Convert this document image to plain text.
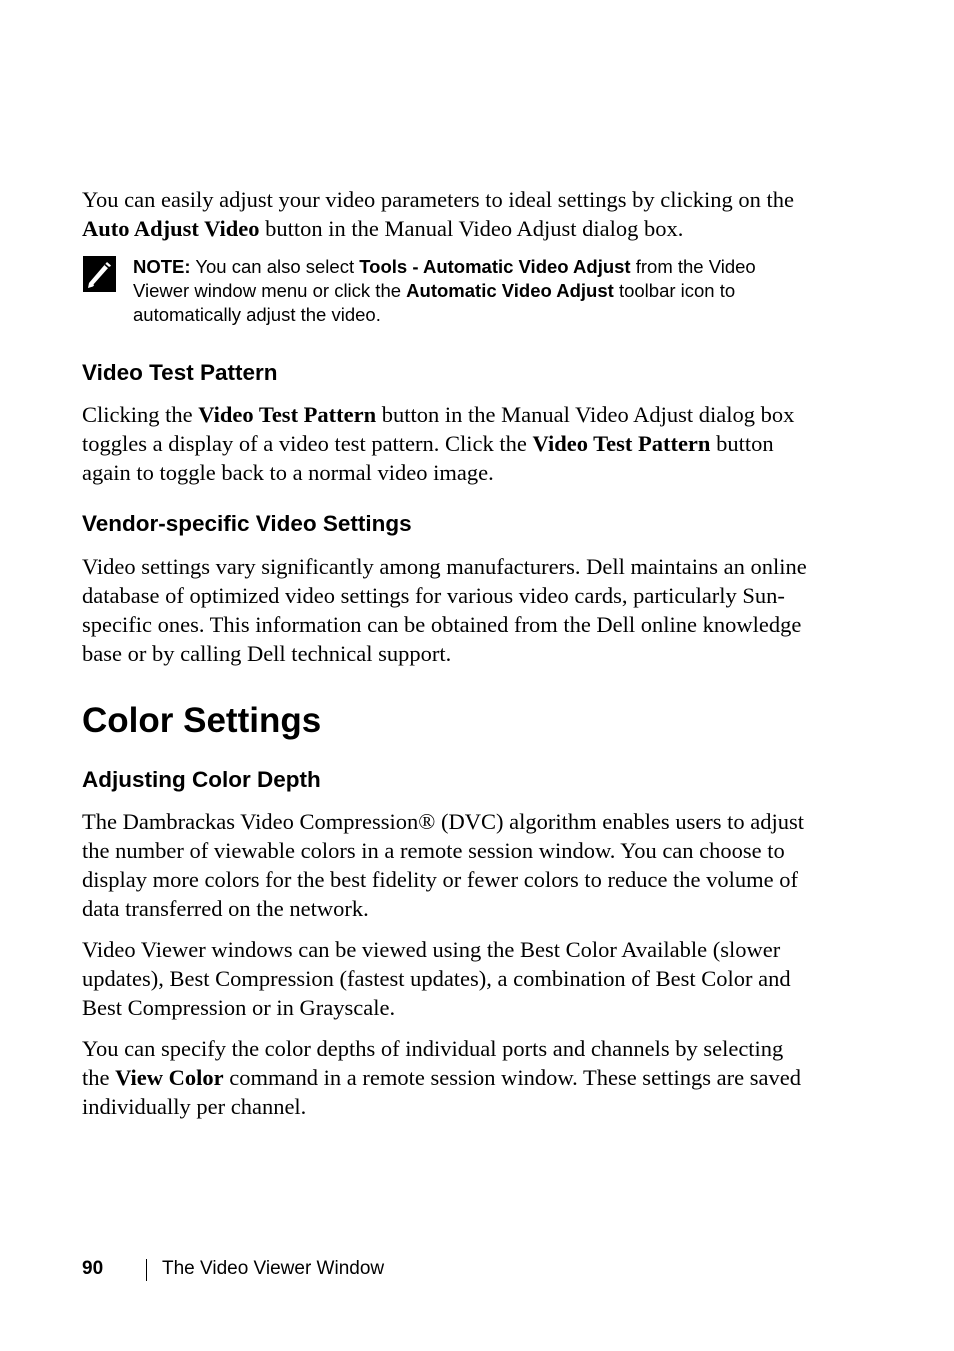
You can easily adjust your video parameters to ideal settings by clicking on the
Auto Adjust Video button in the Manual Video Adjust dialog box.

NOTE: You can also select Tools - Automatic Video Adjust from the Video
Viewer window menu or click the Automatic Video Adjust toolbar icon to
automatically adjust the video.

Video Test Pattern

Clicking the Video Test Pattern button in the Manual Video Adjust dialog box
toggles a display of a video test pattern. Click the Video Test Pattern button
again to toggle back to a normal video image.

Vendor-specific Video Settings

Video settings vary significantly among manufacturers. Dell maintains an online
database of optimized video settings for various video cards, particularly Sun-
specific ones. This information can be obtained from the Dell online knowledge
base or by calling Dell technical support.

Color Settings
Adjusting Color Depth

The Dambrackas Video Compression® (DVC) algorithm enables users to adjust
the number of viewable colors in a remote session window. You can choose to
display more colors for the best fidelity or fewer colors to reduce the volume of
data transferred on the network.

Video Viewer windows can be viewed using the Best Color Available (slower
updates), Best Compression (fastest updates), a combination of Best Color and
Best Compression or in Grayscale.

You can specify the color depths of individual ports and channels by selecting
the View Color command in a remote session window. These settings are saved
individually per channel.

90	The Video Viewer Window
